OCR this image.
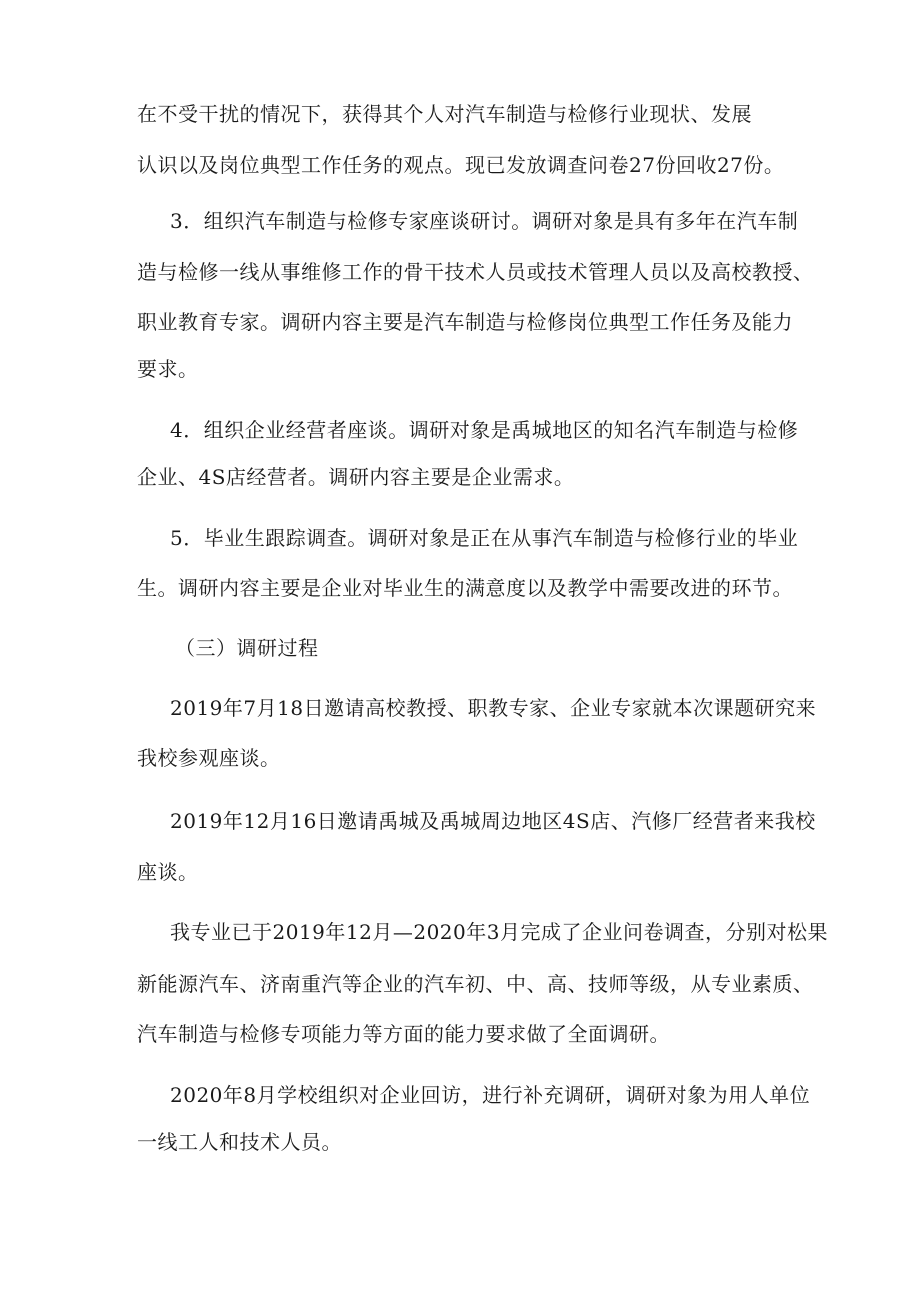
在不受干扰的情况下，获得其个人对汽车制造与检修行业现状、发展
认识以及岗位典型工作任务的观点。现已发放调查问卷27份回收27份。
3．组织汽车制造与检修专家座谈研讨。调研对象是具有多年在汽车制
造与检修一线从事维修工作的骨干技术人员或技术管理人员以及高校教授、
职业教育专家。调研内容主要是汽车制造与检修岗位典型工作任务及能力
要求。
4．组织企业经营者座谈。调研对象是禹城地区的知名汽车制造与检修
企业、4S店经营者。调研内容主要是企业需求。
5．毕业生跟踪调查。调研对象是正在从事汽车制造与检修行业的毕业
生。调研内容主要是企业对毕业生的满意度以及教学中需要改进的环节。
（三）调研过程
2019年7月18日邀请高校教授、职教专家、企业专家就本次课题研究来
我校参观座谈。
2019年12月16日邀请禹城及禹城周边地区4S店、汽修厂经营者来我校
座谈。
我专业已于2019年12月—2020年3月完成了企业问卷调查，分别对松果
新能源汽车、济南重汽等企业的汽车初、中、高、技师等级，从专业素质、
汽车制造与检修专项能力等方面的能力要求做了全面调研。
2020年8月学校组织对企业回访，进行补充调研，调研对象为用人单位
一线工人和技术人员。
